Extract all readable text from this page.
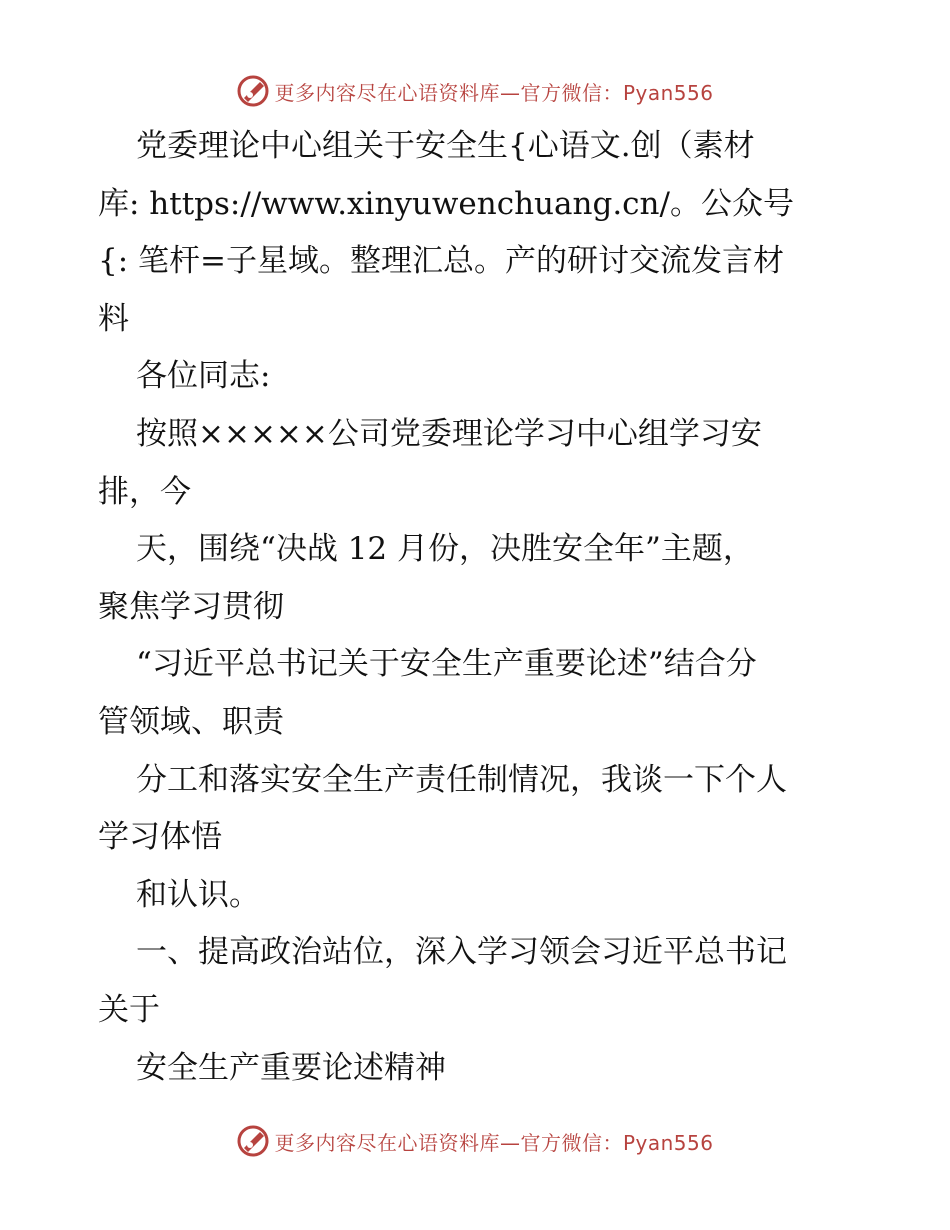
更多内容尽在心语资料库—官方微信：Pyan556
党委理论中心组关于安全生{心语文.创（素材
库: https://www.xinyuwenchuang.cn/。公众号
{: 笔杆=子星域。整理汇总。产的研讨交流发言材
料
各位同志:
按照×××××公司党委理论学习中心组学习安
排，今
天，围绕“决战 12 月份，决胜安全年”主题，
聚焦学习贯彻
“习近平总书记关于安全生产重要论述”结合分
管领域、职责
分工和落实安全生产责任制情况，我谈一下个人
学习体悟
和认识。
一、提高政治站位，深入学习领会习近平总书记
关于
安全生产重要论述精神
更多内容尽在心语资料库—官方微信：Pyan556
